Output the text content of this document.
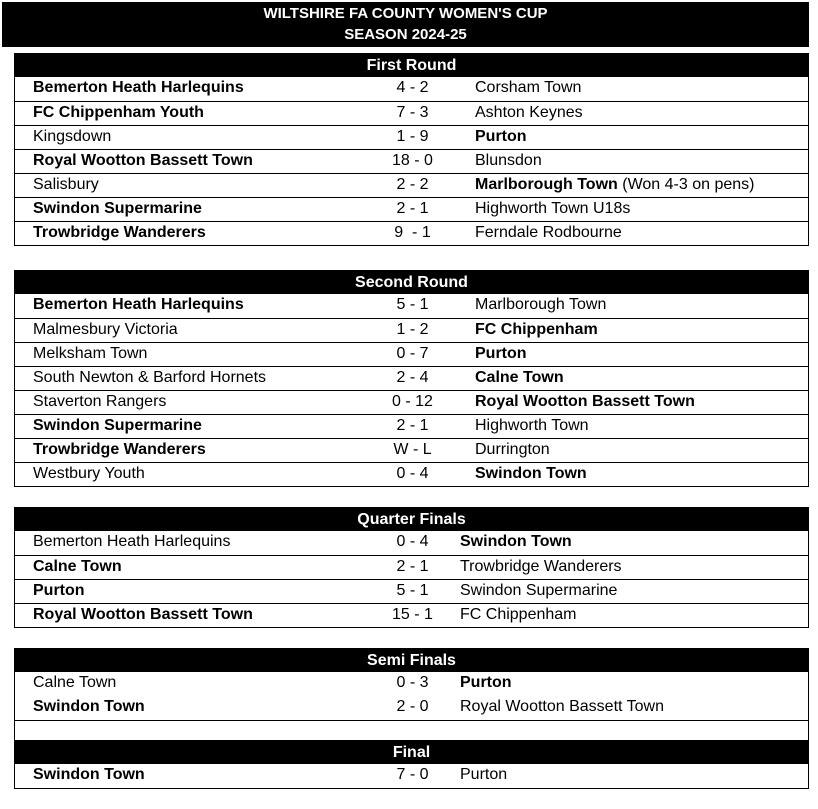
WILTSHIRE FA COUNTY WOMEN'S CUP
SEASON 2024-25
First Round
Bemerton Heath Harlequins	4 - 2	Corsham Town
FC Chippenham Youth	7 - 3	Ashton Keynes
Kingsdown	1 - 9	Purton
Royal Wootton Bassett Town	18 - 0	Blunsdon
Salisbury	2 - 2	Marlborough Town (Won 4-3 on pens)
Swindon Supermarine	2 - 1	Highworth Town U18s
Trowbridge Wanderers	9  - 1	Ferndale Rodbourne
Second Round
Bemerton Heath Harlequins	5 - 1	Marlborough Town
Malmesbury Victoria	1 - 2	FC Chippenham
Melksham Town	0 - 7	Purton
South Newton & Barford Hornets	2 - 4	Calne Town
Staverton Rangers	0 - 12	Royal Wootton Bassett Town
Swindon Supermarine	2 - 1	Highworth Town
Trowbridge Wanderers	W - L	Durrington
Westbury Youth	0 - 4	Swindon Town
Quarter Finals
Bemerton Heath Harlequins	0 - 4	Swindon Town
Calne Town	2 - 1	Trowbridge Wanderers
Purton	5 - 1	Swindon Supermarine
Royal Wootton Bassett Town	15 - 1	FC Chippenham
Semi Finals
Calne Town	0 - 3	Purton
Swindon Town	2 - 0	Royal Wootton Bassett Town
Final
Swindon Town	7 - 0	Purton
